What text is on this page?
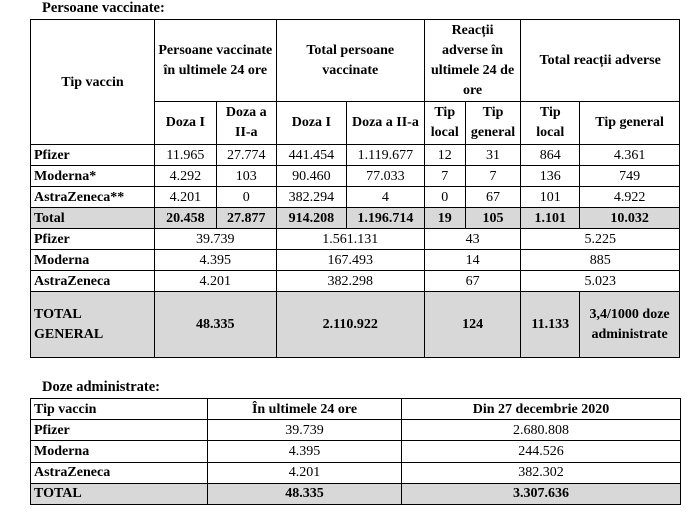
Persoane vaccinate:
Tip vaccin	Persoane vaccinate în ultimele 24 ore		Total persoane vaccinate		Reacții adverse în ultimele 24 de ore		Total reacții adverse	
	Doza I	Doza a II-a	Doza I	Doza a II-a	Tip local	Tip general	Tip local	Tip general
Pfizer	11.965	27.774	441.454	1.119.677	12	31	864	4.361
Moderna*	4.292	103	90.460	77.033	7	7	136	749
AstraZeneca**	4.201	0	382.294	4	0	67	101	4.922
Total	20.458	27.877	914.208	1.196.714	19	105	1.101	10.032
Pfizer	39.739		1.561.131		43		5.225	
Moderna	4.395		167.493		14		885	
AstraZeneca	4.201		382.298		67		5.023	
TOTAL GENERAL	48.335		2.110.922		124		11.133	3,4/1000 doze administrate
Doze administrate:
Tip vaccin	În ultimele 24 ore	Din 27 decembrie 2020
Pfizer	39.739	2.680.808
Moderna	4.395	244.526
AstraZeneca	4.201	382.302
TOTAL	48.335	3.307.636
